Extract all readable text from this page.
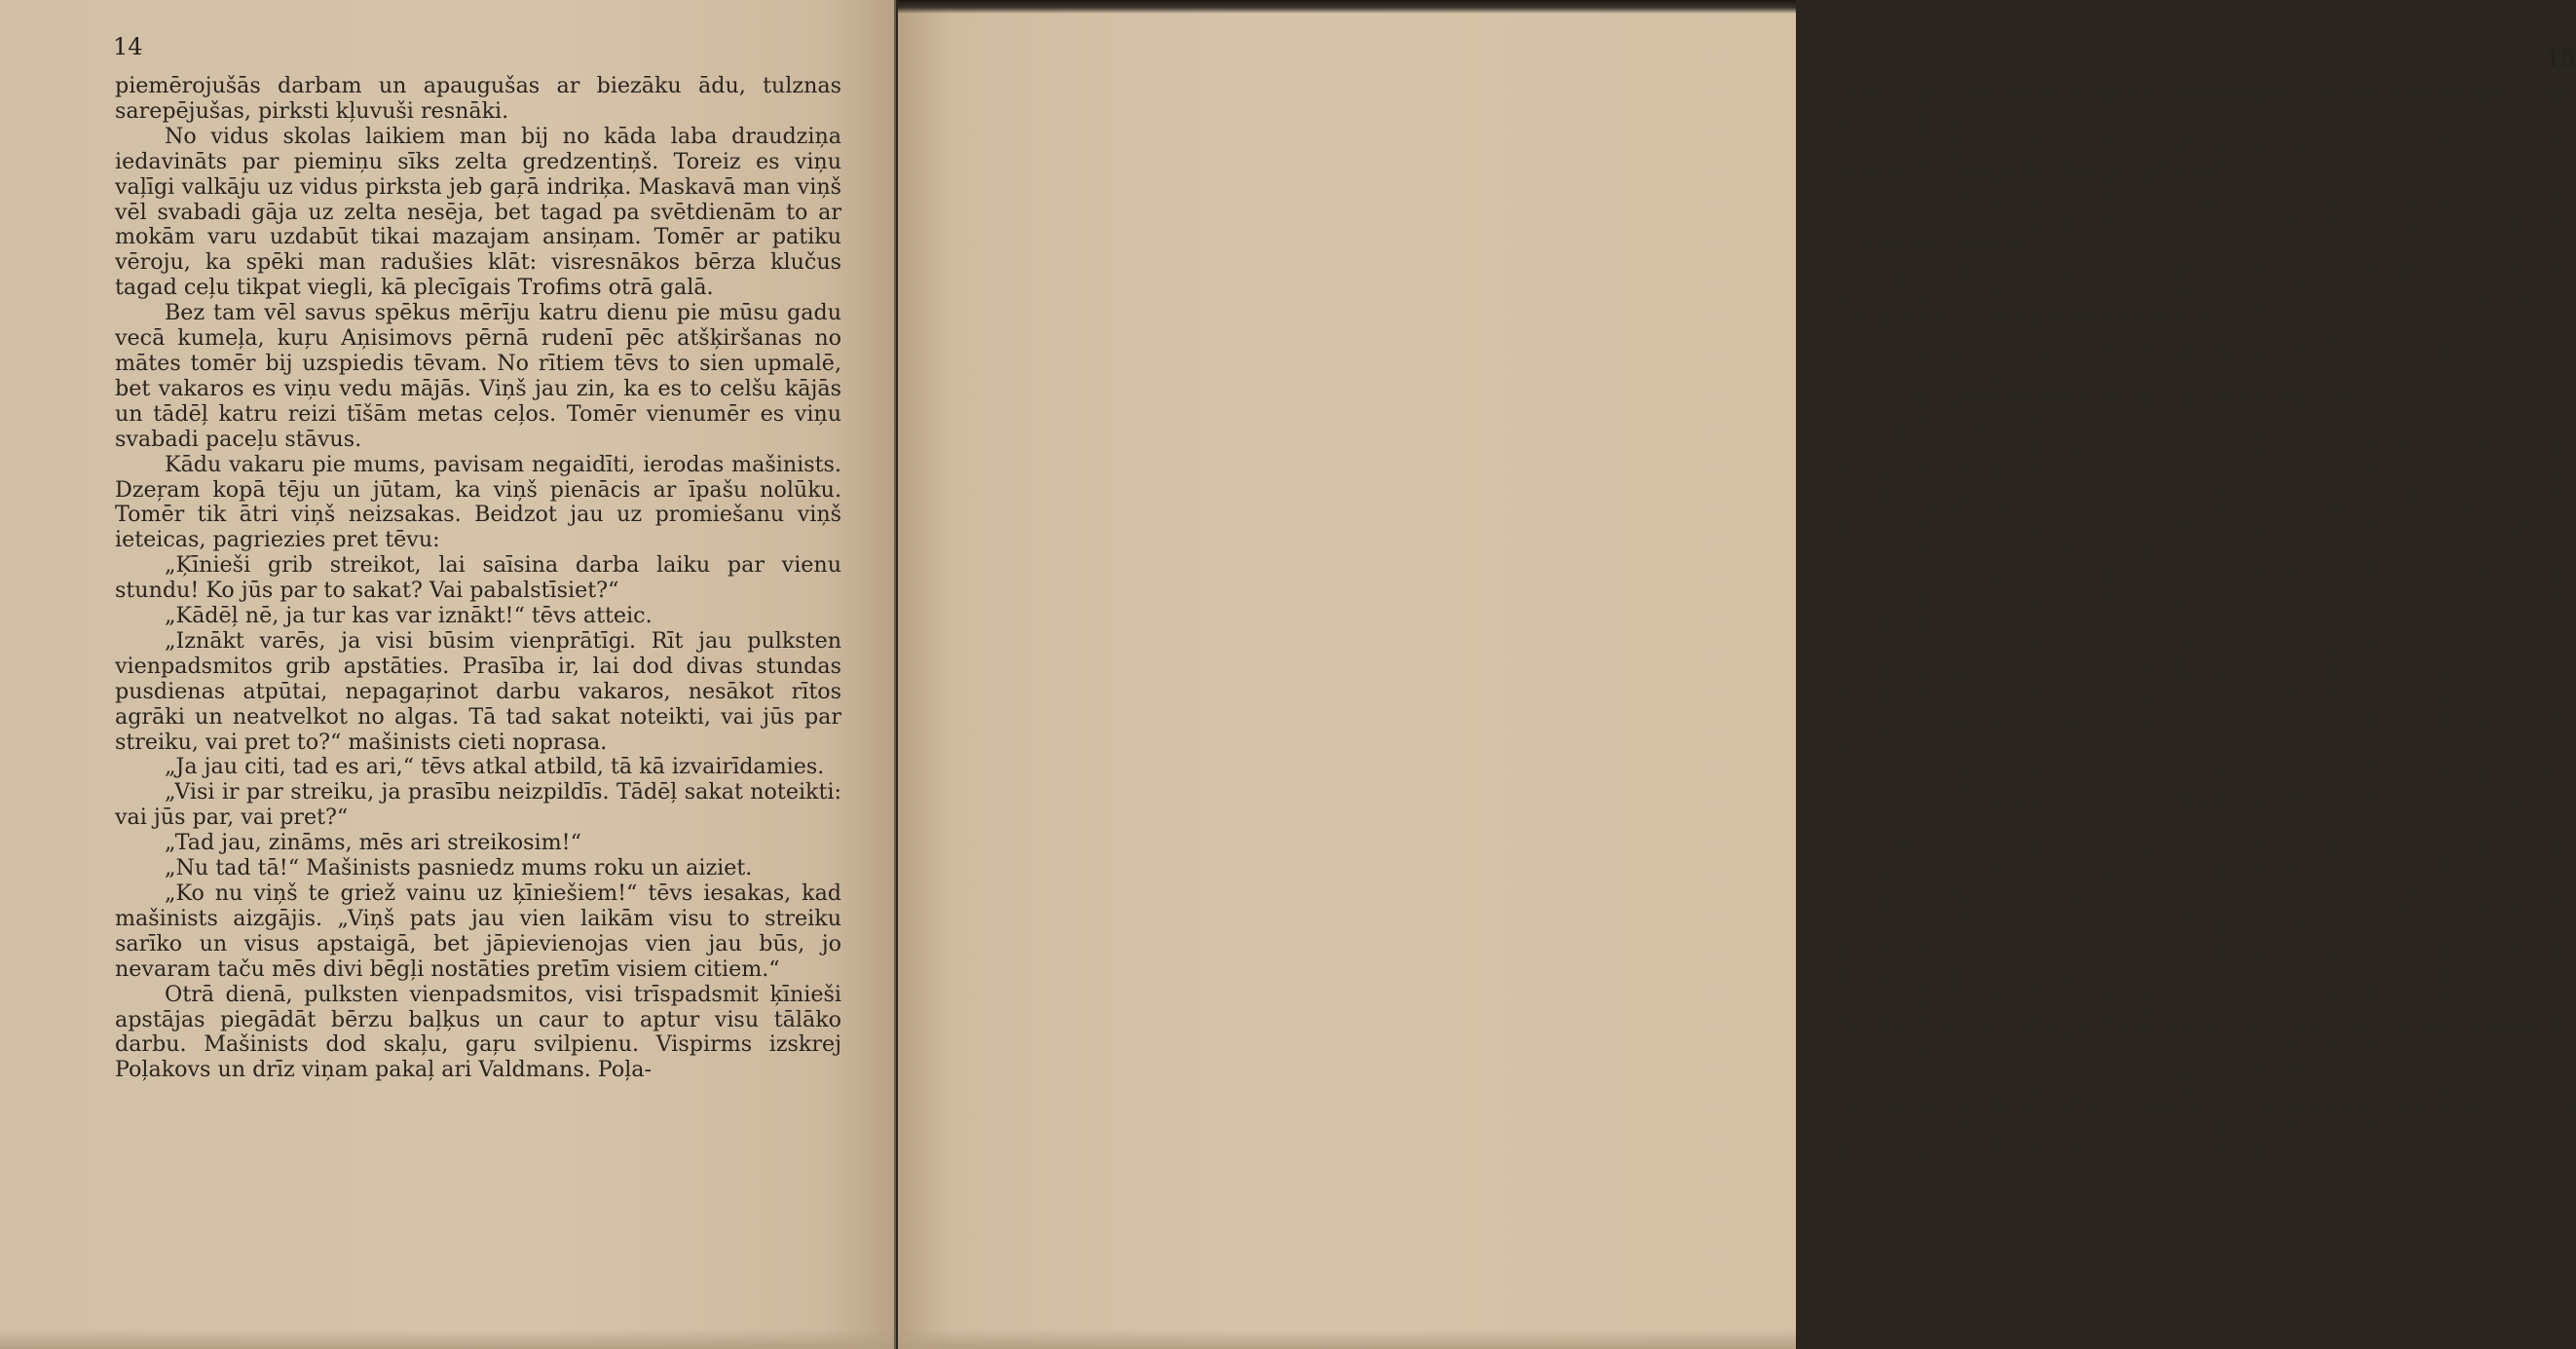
14

piemērojušās darbam un apaugušas ar biezāku ādu, tulznas sarepējušas, pirksti kļuvuši resnāki.

No vidus skolas laikiem man bij no kāda laba draudziņa iedavināts par piemiņu sīks zelta gredzentiņš. Toreiz es viņu vaļīgi valkāju uz vidus pirksta jeb gaŗā indriķa. Maskavā man viņš vēl svabadi gāja uz zelta nesēja, bet tagad pa svētdienām to ar mokām varu uzdabūt tikai mazajam ansiņam. Tomēr ar patiku vēroju, ka spēki man radušies klāt: visresnākos bērza klučus tagad ceļu tikpat viegli, kā plecīgais Trofims otrā galā.

Bez tam vēl savus spēkus mērīju katru dienu pie mūsu gadu vecā kumeļa, kuŗu Aņisimovs pērnā rudenī pēc atšķiršanas no mātes tomēr bij uzspiedis tēvam. No rītiem tēvs to sien upmalē, bet vakaros es viņu vedu mājās. Viņš jau zin, ka es to celšu kājās un tādēļ katru reizi tīšām metas ceļos. Tomēr vienumēr es viņu svabadi paceļu stāvus.

Kādu vakaru pie mums, pavisam negaidīti, ierodas mašinists. Dzeŗam kopā tēju un jūtam, ka viņš pienācis ar īpašu nolūku. Tomēr tik ātri viņš neizsakas. Beidzot jau uz promiešanu viņš ieteicas, pagriezies pret tēvu:

„Ķīnieši grib streikot, lai saīsina darba laiku par vienu stundu! Ko jūs par to sakat? Vai pabalstīsiet?“

„Kādēļ nē, ja tur kas var iznākt!“ tēvs atteic.

„Iznākt varēs, ja visi būsim vienprātīgi. Rīt jau pulksten vienpadsmitos grib apstāties. Prasība ir, lai dod divas stundas pusdienas atpūtai, nepagaŗinot darbu vakaros, nesākot rītos agrāki un neatvelkot no algas. Tā tad sakat noteikti, vai jūs par streiku, vai pret to?“ mašinists cieti noprasa.

„Ja jau citi, tad es ari,“ tēvs atkal atbild, tā kā izvairīdamies.

„Visi ir par streiku, ja prasību neizpildīs. Tādēļ sakat noteikti: vai jūs par, vai pret?“

„Tad jau, zināms, mēs ari streikosim!“

„Nu tad tā!“ Mašinists pasniedz mums roku un aiziet.

„Ko nu viņš te griež vainu uz ķīniešiem!“ tēvs iesakas, kad mašinists aizgājis. „Viņš pats jau vien laikām visu to streiku sarīko un visus apstaigā, bet jāpievienojas vien jau būs, jo nevaram taču mēs divi bēgļi nostāties pretīm visiem citiem.“

Otrā dienā, pulksten vienpadsmitos, visi trīspadsmit ķīnieši apstājas piegādāt bērzu baļķus un caur to aptur visu tālāko darbu. Mašinists dod skaļu, gaŗu svilpienu. Vispirms izskrej Poļakovs un drīz viņam pakaļ ari Valdmans. Poļa-

15

kovs jau pa gabalu sauc mašinistam, ka pulkstens vēl tikai vienpadsmit.

Bij pienākuši pie lokomobīles visi trīspadsmit ķīnieši, skrēja šurpu no šķūņa ari četrpadsmitais.

Mašinists atbild Poļakovam, ka ari viņš zinot, ka pulkstens tikai vienpadsmit, bet zāģiem nebijis darba, tādēļ viņš apturējis un devis zignalu.

„Ķīnieši apstājās padot baļķus tādēļ, ka darba laiks esot par gaŗu; viņi prāto to saīsināt par vienu stundu. Citi strādnieki ari tam piekrīt,“ mašinists paskaidro.

Poļakovs tūlīņ sāk kratīt galvu, purināt rokas un saukt:

„Ņie, ņie, ņie!“

Daži ķīnieši iesaucas lauztā krievu valodā:

„Mojā ņe rabotāi!“

Un visi trīspadsmit iet uz šķūņi. Ari četrpadsmitais iet sarunādamies līdzi, bet nenāk runāt ar Poļakovu, kā parasti. Izrādas, ka viņiem rīsu zupa ari jau gatava, jo visi tūliņ nosēžas ap pusdienu galdu un sāk rīkoties saviem irbuļiem. Tā tad ari viņu vadonis bijis par streiku.

Ari mēs citi ejam pusdienā. Poļakovs un Valdmans ari aiziet uz ķīniešu šķūni un ilgi tur sarunājas ar četrpadsmito ķīnieti, kuŗš tekoši prot krieviski runāt.

Pulksten vienos atskan atkal parastais svilpiens, un mēs ejam raudzīt, kas nospriests. Mašinists paziņo, ka laiks netiekot saīsināts, bet kungs pieliekot katram strādniekam pusrubli dienā klāt, un ķīnieši esot ar mieru strādāt. Ari mēs stājamies pie darba.

Tēvs bij ļoti apmierināts un teica, ka ķīnieši esot vareni zēni: trīspadsmit rubļus mēnesī iebeŗot katram kabatā ne par šo, ne par to.

Svētdien gribu atdusēties pa karsto laiku un atveŗu logu. Bet tikko esmu iemidzis, kad žurka no loga ielec man ģīmī. Uztraukts uzraujos kājās un ar linijalu rokā metos pa lielo istabu žurkai pakaļ. Vairākas reizes viņa, iedzīta kaktā, pārlēc linijalam pāri un atkal aizšmauc. Beidzot iesitu tai pa degunu, un lielā sirmā žurka atveļas augšpēdus. Izsviežu to uz linijala gala ārā pa logu.

Mūsu māja ir taisni apsēsta no žurkām. Pagraba pamati un grīda ir pilnīgi no viņām sagrauzti. Bet apaļie sienu bērzu baļķi ar kabeniski sakrampētajiem pakšiem un cirvju apcirstajiem galiem ir jau simtiem gadu turējušies pretīm laika un ari žurku zobiem un turēsies vēl varbūt tikpat ilgi. Grīdas caurumus tēvs aizbēris un aismērējis smalkām stikla suķēm un tā aizsprostojis zārkam ceļu istabās. Nu viņas skrej gar pakšiem
